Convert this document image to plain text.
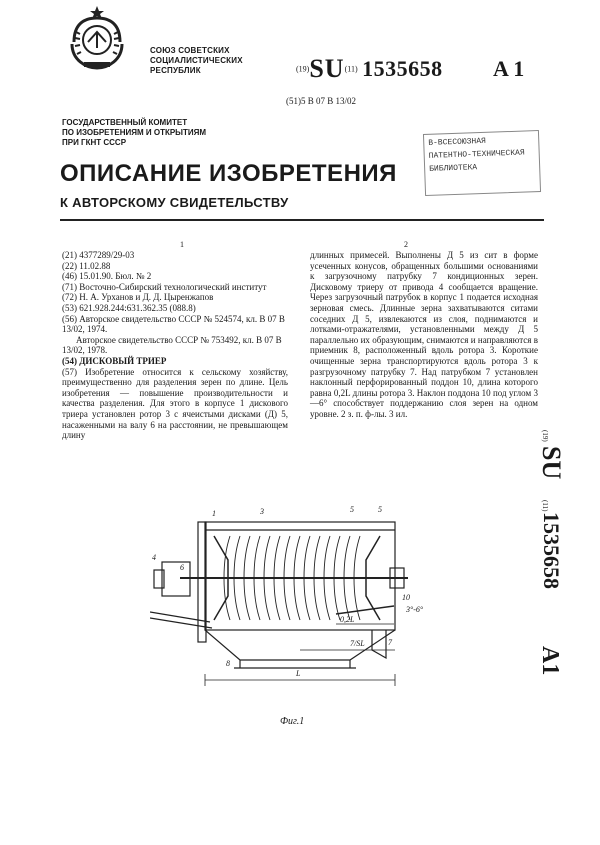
СОЮЗ СОВЕТСКИХ
СОЦИАЛИСТИЧЕСКИХ
РЕСПУБЛИК	(19)SU(11) 1535658 A 1
(51)5 В 07 В 13/02
ГОСУДАРСТВЕННЫЙ КОМИТЕТ
ПО ИЗОБРЕТЕНИЯМ И ОТКРЫТИЯМ
ПРИ ГКНТ СССР	В-ВСЕСОЮЗНАЯ
ПАТЕНТНО-ТЕХНИЧЕСКАЯ
БИБЛИОТЕКА
ОПИСАНИЕ ИЗОБРЕТЕНИЯ
К АВТОРСКОМУ СВИДЕТЕЛЬСТВУ
1	2

(21) 4377289/29-03

(22) 11.02.88

(46) 15.01.90. Бюл. № 2

(71) Восточно-Сибирский технологический институт

(72) Н. А. Урханов и Д. Д. Цыренжапов

(53) 621.928.244:631.362.35 (088.8)

(56) Авторское свидетельство СССР № 524574, кл. В 07 В 13/02, 1974.

Авторское свидетельство СССР № 753492, кл. В 07 В 13/02, 1978.

(54) ДИСКОВЫЙ ТРИЕР

(57) Изобретение относится к сельскому хозяйству, преимущественно для разделения зерен по длине. Цель изобретения — повышение производительности и качества разделения. Для этого в корпусе 1 дискового триера установлен ротор 3 с ячеистыми дисками (Д) 5, насаженными на валу 6 на расстоянии, не превышающем длину

длинных примесей. Выполнены Д 5 из сит в форме усеченных конусов, обращенных большими основаниями к загрузочному патрубку 7 кондиционных зерен. Дисковому триеру от привода 4 сообщается вращение. Через загрузочный патрубок в корпус 1 подается исходная зерновая смесь. Длинные зерна захватываются ситами соседних Д 5, извлекаются из слоя, поднимаются и лотками-отражателями, установленными между Д 5 параллельно их образующим, снимаются и направляются в приемник 8, расположенный вдоль ротора 3. Короткие очищенные зерна транспортируются вдоль ротора 3 к разгрузочному патрубку 7. Над патрубком 7 установлен наклонный перфорированный поддон 10, длина которого равна 0,2L длины ротора 3. Наклон поддона 10 под углом 3—6° способствует поддержанию слоя зерен на одном уровне. 2 з. п. ф-лы. 3 ил.

1	3	5	5
6
4
10
3°-6°
0,2L
7
8
L
7/SL
Фиг.1
(19)
SU
(11)
1535658
A1
